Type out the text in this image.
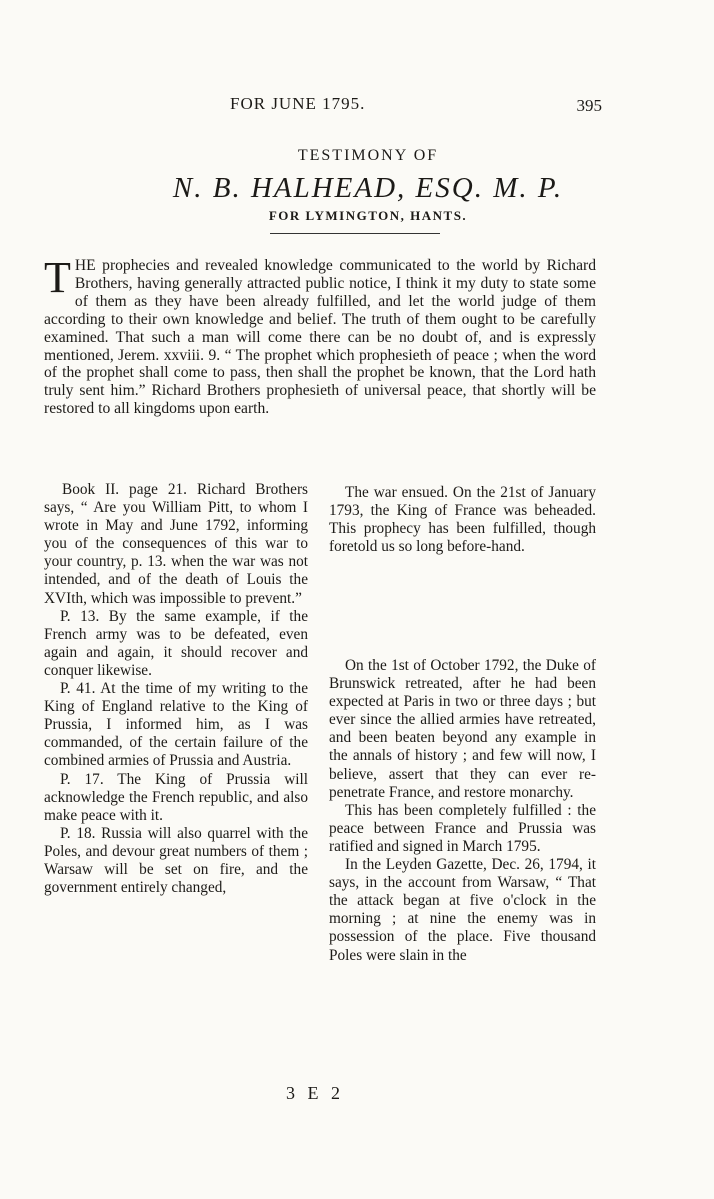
FOR JUNE 1795.	395
TESTIMONY OF
N. B. HALHEAD, ESQ. M. P.
FOR LYMINGTON, HANTS.
T HE prophecies and revealed knowledge communicated to the world by Richard Brothers, having generally attracted public notice, I think it my duty to state some of them as they have been already fulfilled, and let the world judge of them according to their own knowledge and belief. The truth of them ought to be carefully examined. That such a man will come there can be no doubt of, and is expressly mentioned, Jerem. xxviii. 9. “ The prophet which prophesieth of peace ; when the word of the prophet shall come to pass, then shall the prophet be known, that the Lord hath truly sent him.” Richard Brothers prophesieth of universal peace, that shortly will be restored to all kingdoms upon earth.

Book II. page 21. Richard Brothers says, “ Are you William Pitt, to whom I wrote in May and June 1792, informing you of the consequences of this war to your country, p. 13. when the war was not intended, and of the death of Louis the XVIth, which was impossible to prevent.”

P. 13. By the same example, if the French army was to be defeated, even again and again, it should recover and conquer likewise.

P. 41. At the time of my writing to the King of England relative to the King of Prussia, I informed him, as I was commanded, of the certain failure of the combined armies of Prussia and Austria.

P. 17. The King of Prussia will acknowledge the French republic, and also make peace with it.

P. 18. Russia will also quarrel with the Poles, and devour great numbers of them ; Warsaw will be set on fire, and the government entirely changed,

The war ensued. On the 21st of January 1793, the King of France was beheaded. This prophecy has been fulfilled, though foretold us so long before-hand.

On the 1st of October 1792, the Duke of Brunswick retreated, after he had been expected at Paris in two or three days ; but ever since the allied armies have retreated, and been beaten beyond any example in the annals of history ; and few will now, I believe, assert that they can ever re-penetrate France, and restore monarchy.

This has been completely fulfilled : the peace between France and Prussia was ratified and signed in March 1795.

In the Leyden Gazette, Dec. 26, 1794, it says, in the account from Warsaw, “ That the attack began at five o'clock in the morning ; at nine the enemy was in possession of the place. Five thousand Poles were slain in the

3 E 2
